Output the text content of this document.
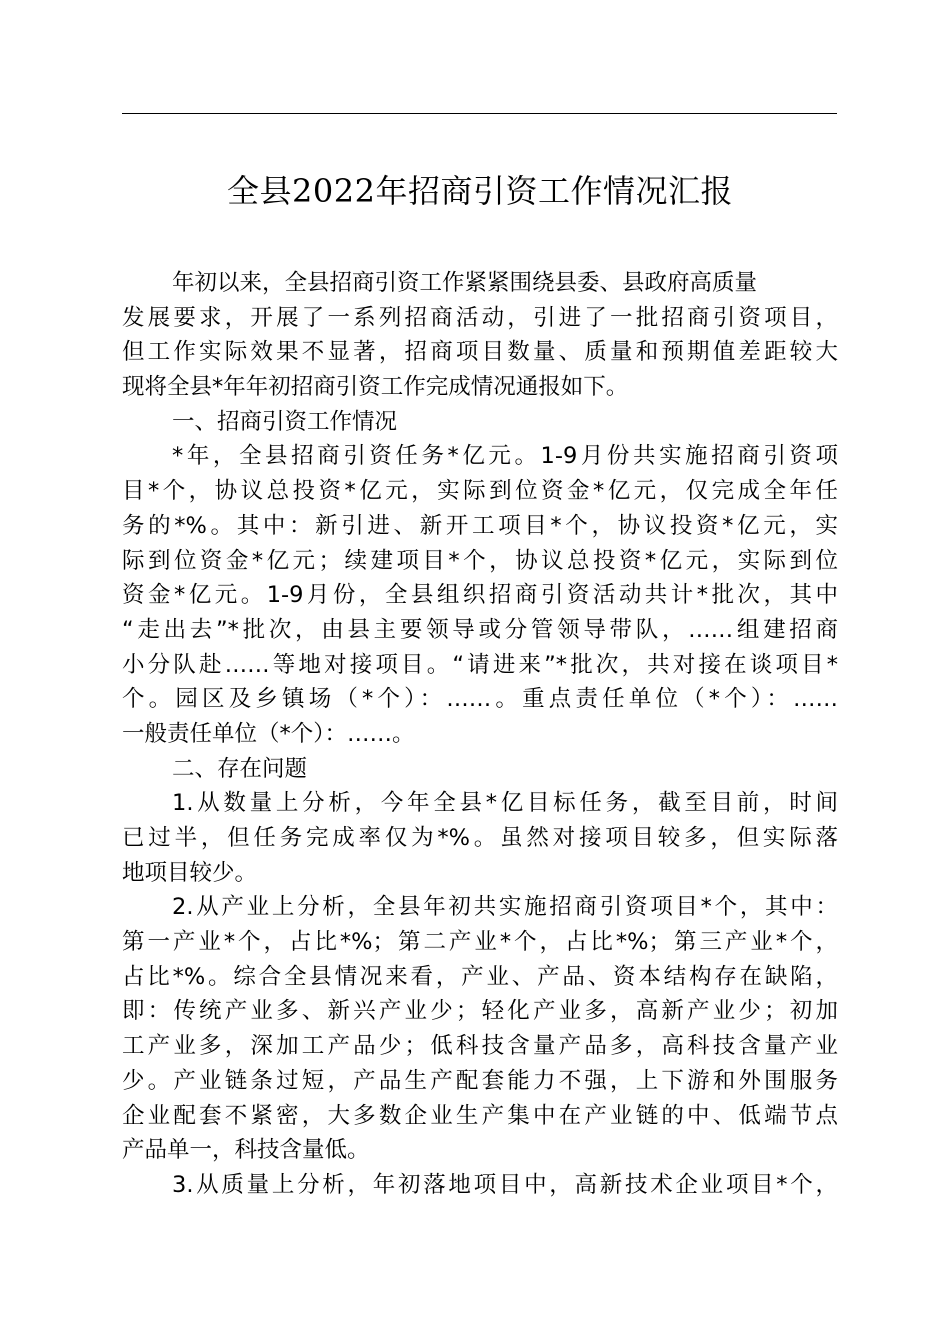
全县2022年招商引资工作情况汇报
年初以来，全县招商引资工作紧紧围绕县委、县政府高质量
发展要求，开展了一系列招商活动，引进了一批招商引资项目，
但工作实际效果不显著，招商项目数量、质量和预期值差距较大
现将全县*年年初招商引资工作完成情况通报如下。
一、招商引资工作情况
*年，全县招商引资任务*亿元。1-9月份共实施招商引资项
目*个，协议总投资*亿元，实际到位资金*亿元，仅完成全年任
务的*%。其中：新引进、新开工项目*个，协议投资*亿元，实
际到位资金*亿元；续建项目*个，协议总投资*亿元，实际到位
资金*亿元。1-9月份，全县组织招商引资活动共计*批次，其中
“走出去”*批次，由县主要领导或分管领导带队，……组建招商
小分队赴……等地对接项目。“请进来”*批次，共对接在谈项目*
个。园区及乡镇场（*个）：……。重点责任单位（*个）：……
一般责任单位（*个）：……。
二、存在问题
1.从数量上分析，今年全县*亿目标任务，截至目前，时间
已过半，但任务完成率仅为*%。虽然对接项目较多，但实际落
地项目较少。
2.从产业上分析，全县年初共实施招商引资项目*个，其中：
第一产业*个，占比*%；第二产业*个，占比*%；第三产业*个，
占比*%。综合全县情况来看，产业、产品、资本结构存在缺陷，
即：传统产业多、新兴产业少；轻化产业多，高新产业少；初加
工产业多，深加工产品少；低科技含量产品多，高科技含量产业
少。产业链条过短，产品生产配套能力不强，上下游和外围服务
企业配套不紧密，大多数企业生产集中在产业链的中、低端节点
产品单一，科技含量低。
3.从质量上分析，年初落地项目中，高新技术企业项目*个，
